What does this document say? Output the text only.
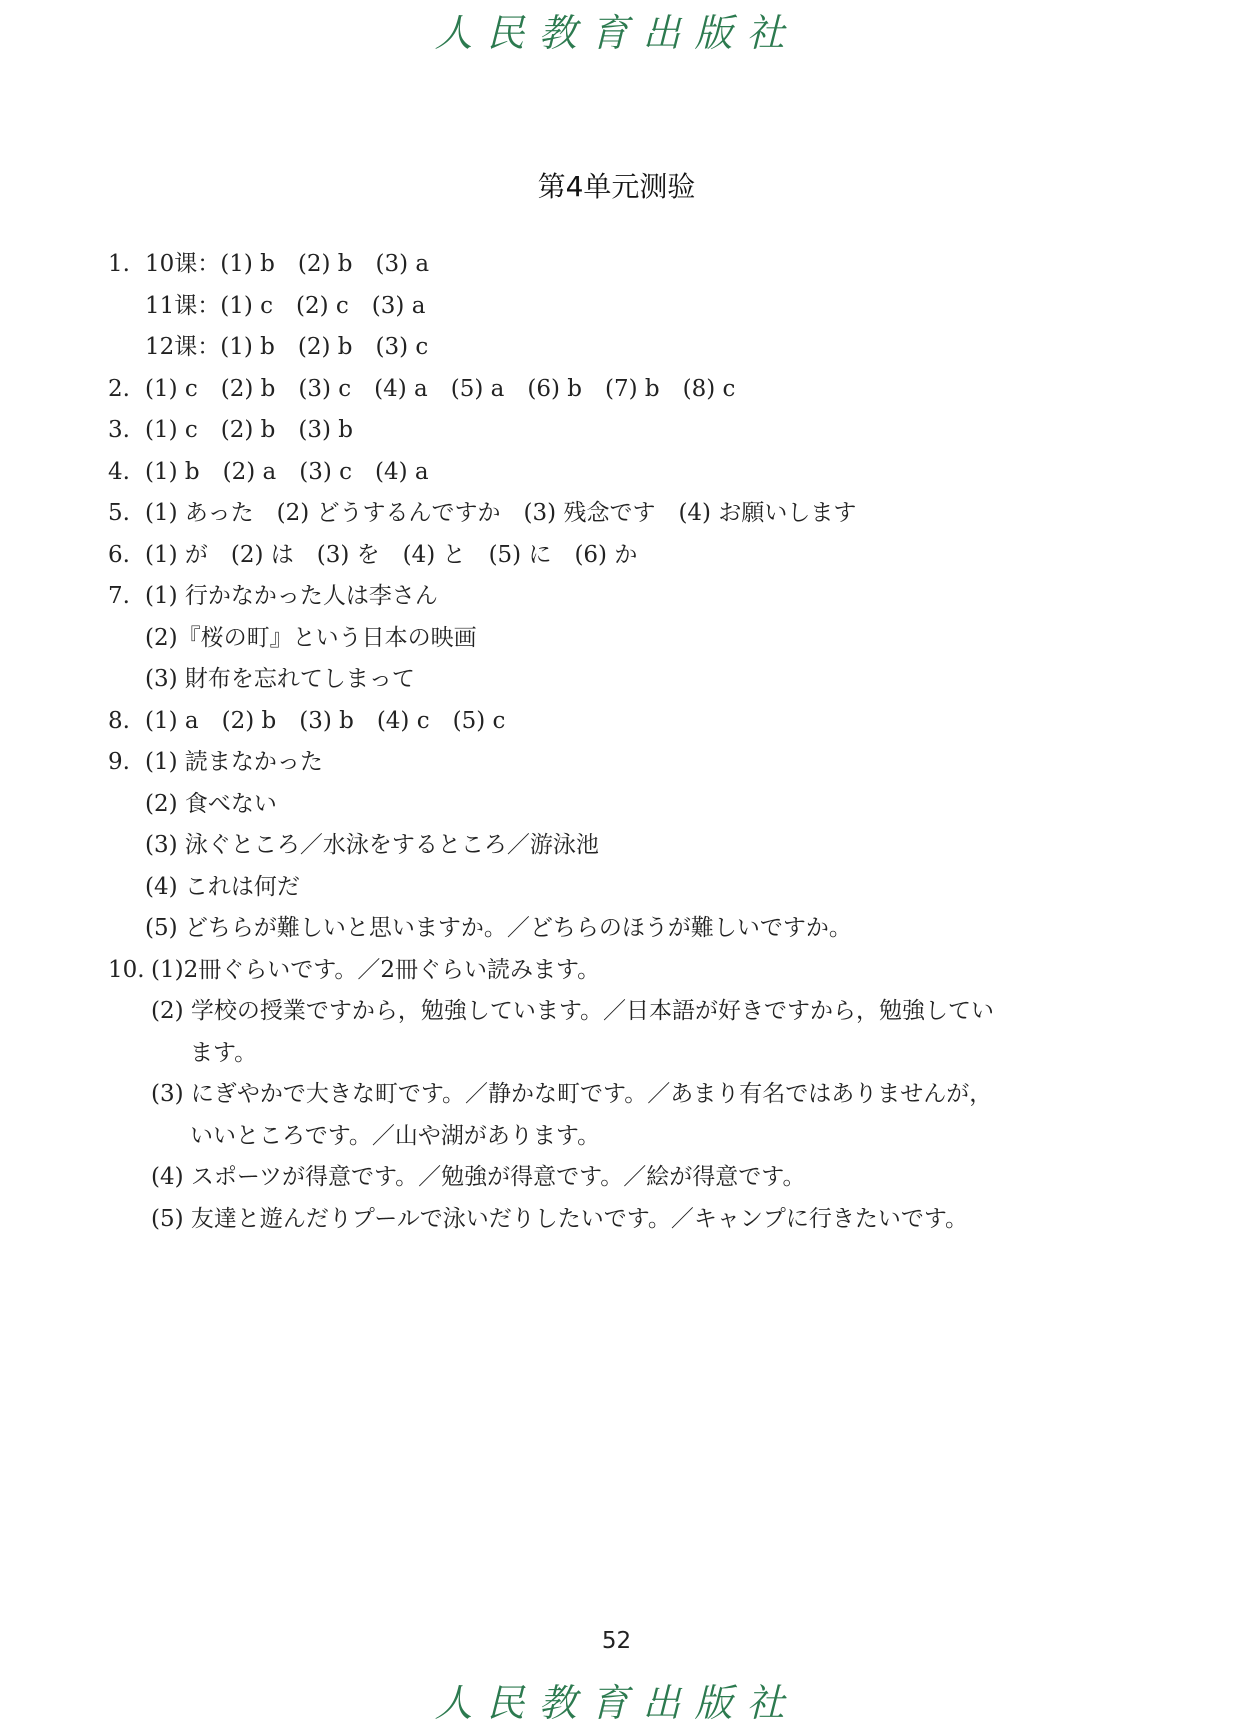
人民教育出版社
第4单元测验
1. 10课：(1) b　(2) b　(3) a
11课：(1) c　(2) c　(3) a
12课：(1) b　(2) b　(3) c
2. (1) c　(2) b　(3) c　(4) a　(5) a　(6) b　(7) b　(8) c
3. (1) c　(2) b　(3) b
4. (1) b　(2) a　(3) c　(4) a
5. (1) あった　(2) どうするんですか　(3) 残念です　(4) お願いします
6. (1) が　(2) は　(3) を　(4) と　(5) に　(6) か
7. (1) 行かなかった人は李さん
(2)『桜の町』という日本の映画
(3) 財布を忘れてしまって
8. (1) a　(2) b　(3) b　(4) c　(5) c
9. (1) 読まなかった
(2) 食べない
(3) 泳ぐところ／水泳をするところ／游泳池
(4) これは何だ
(5) どちらが難しいと思いますか。／どちらのほうが難しいですか。
10. (1)2冊ぐらいです。／2冊ぐらい読みます。
(2) 学校の授業ですから，勉強しています。／日本語が好きですから，勉強してい
ます。
(3) にぎやかで大きな町です。／静かな町です。／あまり有名ではありませんが，
いいところです。／山や湖があります。
(4) スポーツが得意です。／勉強が得意です。／絵が得意です。
(5) 友達と遊んだりプールで泳いだりしたいです。／キャンプに行きたいです。
52
人民教育出版社
